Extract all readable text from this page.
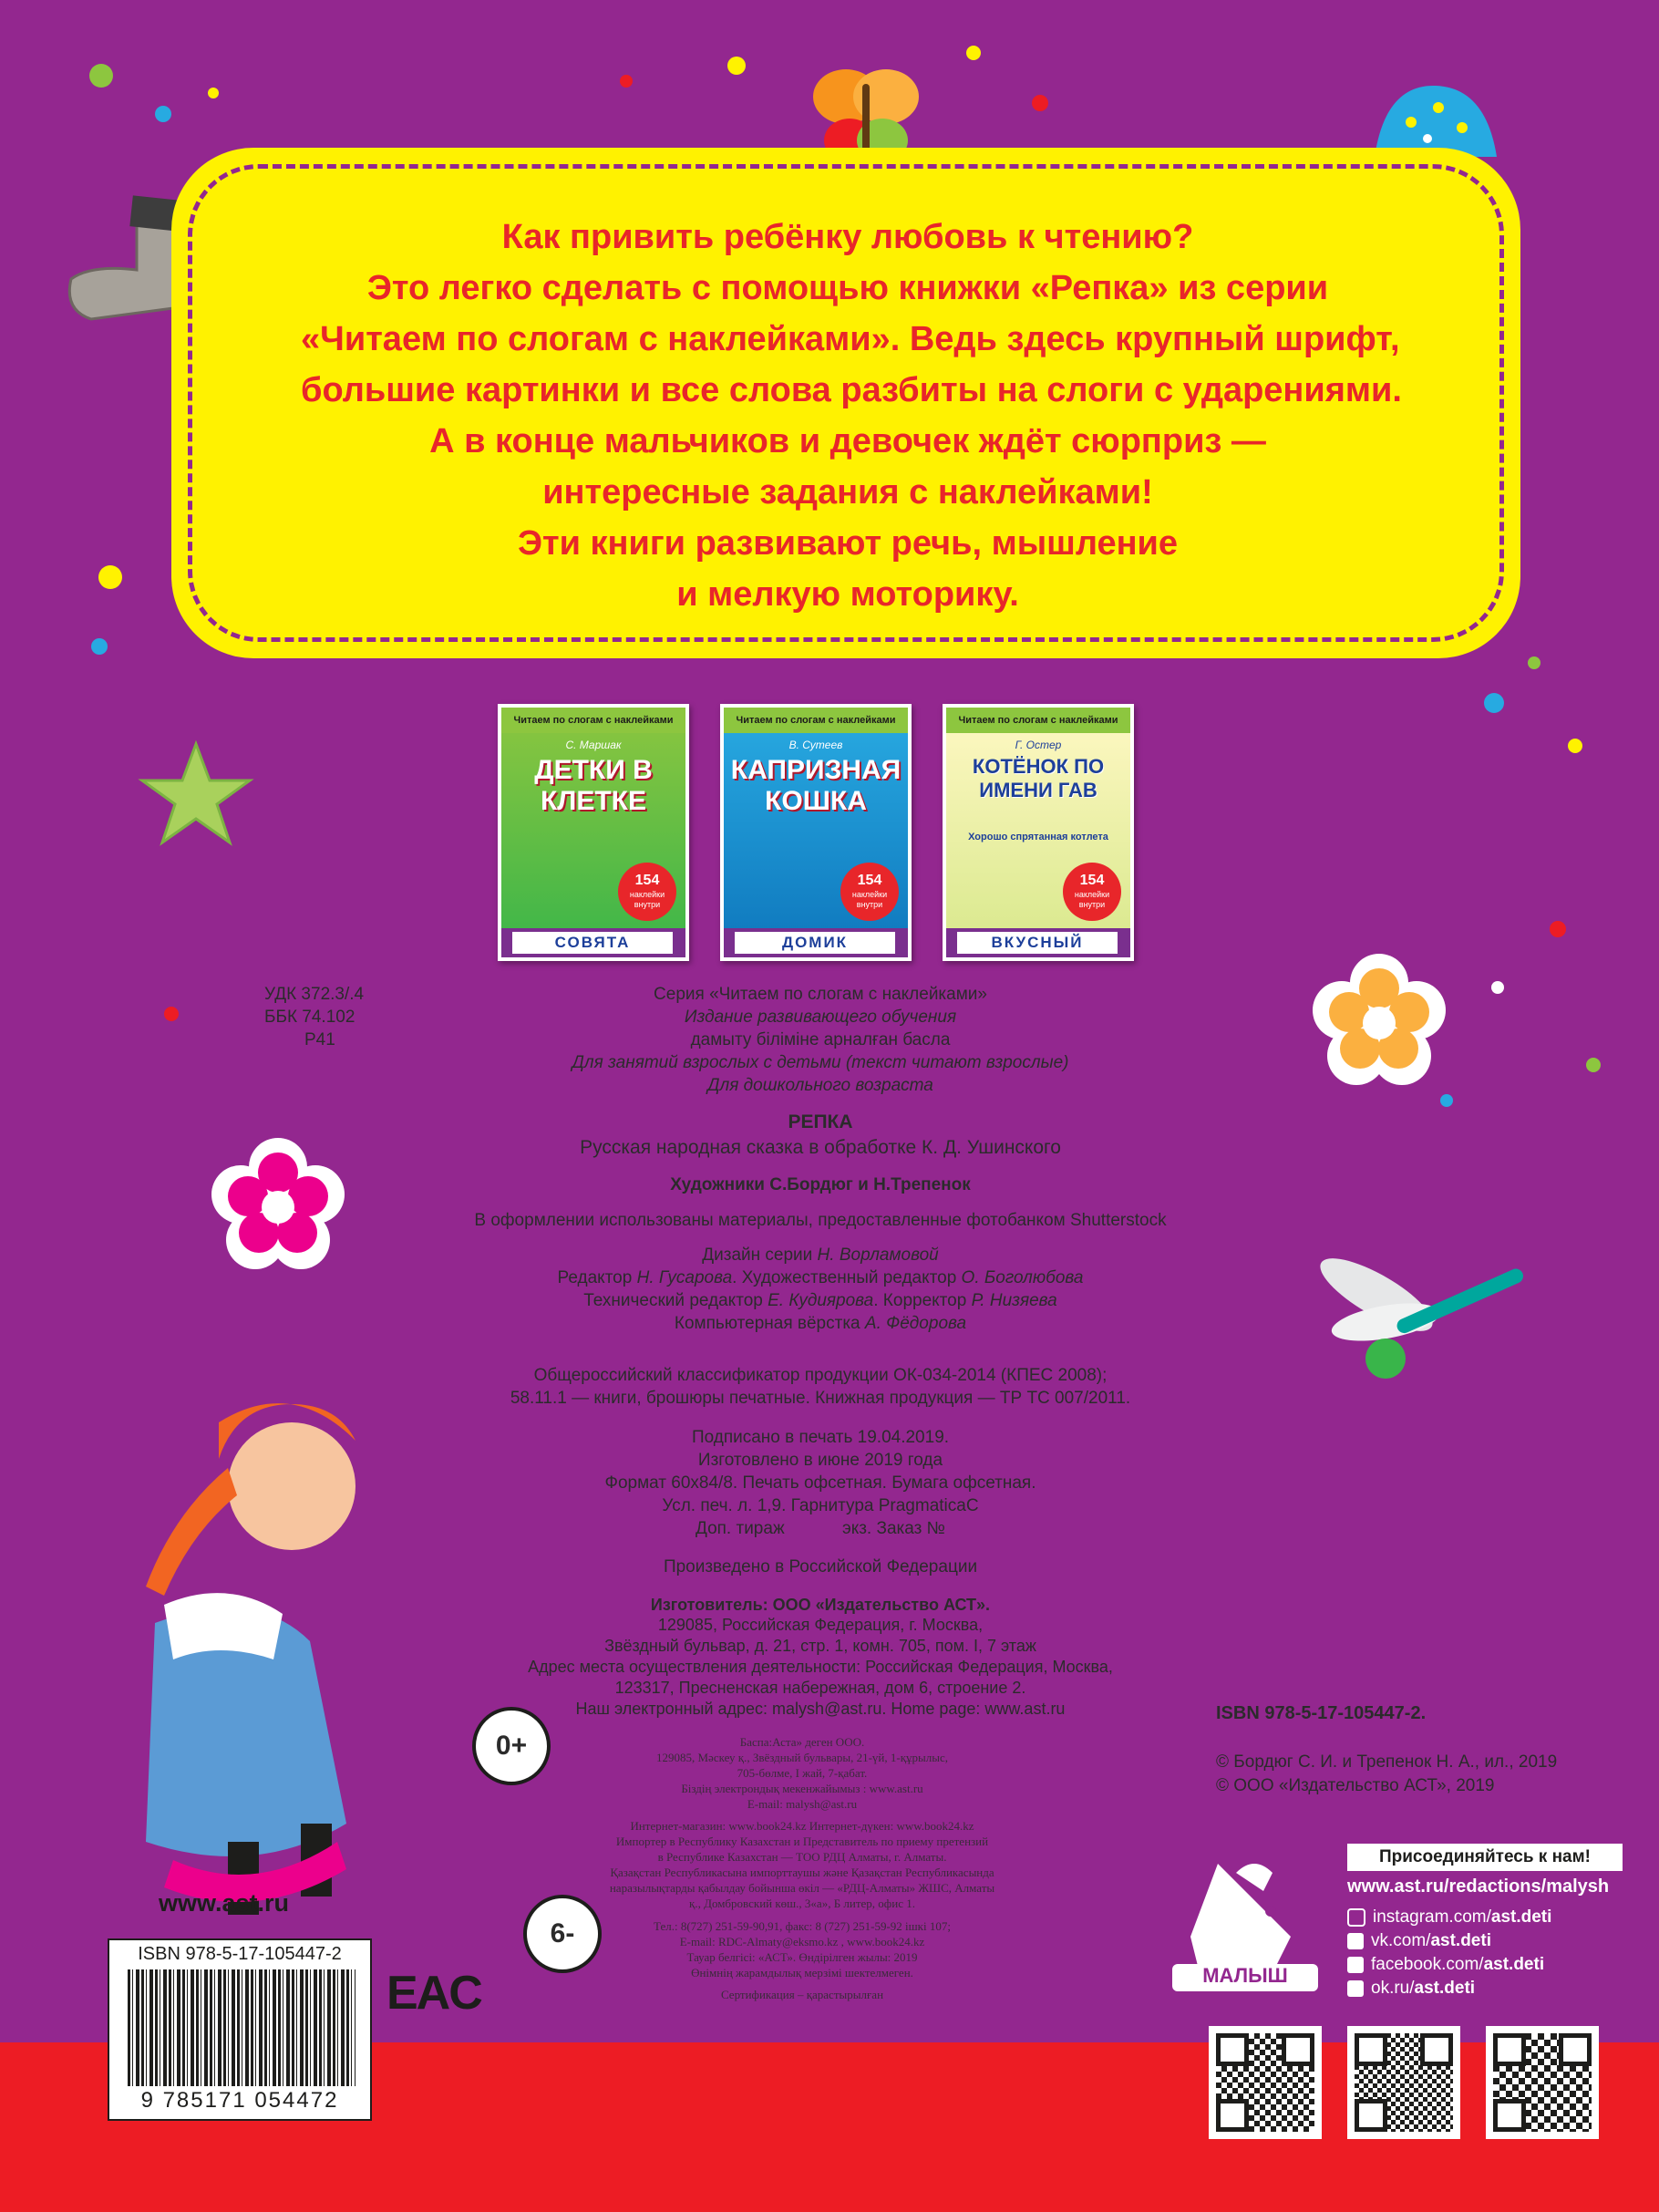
Как привить ребёнку любовь к чтению?
Это легко сделать с помощью книжки «Репка» из серии
«Читаем по слогам с наклейками». Ведь здесь крупный шрифт,
большие картинки и все слова разбиты на слоги с ударениями.
А в конце мальчиков и девочек ждёт сюрприз —
интересные задания с наклейками!
Эти книги развивают речь, мышление
и мелкую моторику.
Читаем по слогам с наклейками
С. Маршак
ДЕТКИ В КЛЕТКЕ
154
наклейки внутри
СОВЯТА
Читаем по слогам с наклейками
В. Сутеев
КАПРИЗНАЯ КОШКА
154
наклейки внутри
ДОМИК
Читаем по слогам с наклейками
Г. Остер
КОТЁНОК ПО ИМЕНИ ГАВ
Хорошо спрятанная котлета
154
наклейки внутри
ВКУСНЫЙ
УДК 372.3/.4
ББК 74.102
Р41
Серия «Читаем по слогам с наклейками»
Издание развивающего обучения
дамыту біліміне арналған басла
Для занятий взрослых с детьми (текст читают взрослые)
Для дошкольного возраста
РЕПКА
Русская народная сказка в обработке К. Д. Ушинского
Художники С.Бордюг и Н.Трепенок
В оформлении использованы материалы, предоставленные фотобанком Shutterstock
Дизайн серии Н. Ворламовой
Редактор Н. Гусарова. Художественный редактор О. Боголюбова
Технический редактор Е. Кудиярова. Корректор Р. Низяева
Компьютерная вёрстка А. Фёдорова
Общероссийский классификатор продукции ОК-034-2014 (КПЕС 2008);
58.11.1 — книги, брошюры печатные. Книжная продукция — ТР ТС 007/2011.
Подписано в печать 19.04.2019.
Изготовлено в июне 2019 года
Формат 60х84/8. Печать офсетная. Бумага офсетная.
Усл. печ. л. 1,9. Гарнитура PragmaticaC
Доп. тираж            экз. Заказ №
Произведено в Российской Федерации
Изготовитель: ООО «Издательство АСТ».
129085, Российская Федерация, г. Москва,
Звёздный бульвар, д. 21, стр. 1, комн. 705, пом. I, 7 этаж
Адрес места осуществления деятельности: Российская Федерация, Москва,
123317, Пресненская набережная, дом 6, строение 2.
Наш электронный адрес: malysh@ast.ru. Home page: www.ast.ru
Баспа:Аста» деген ООО.
129085, Мәскеу қ., Звёздный бульвары, 21-үй, 1-құрылыс,
705-бөлме, I жай, 7-қабат.
Біздің электрондық мекенжайымыз : www.ast.ru
E-mail: malysh@ast.ru
Интернет-магазин: www.book24.kz Интернет-дүкен: www.book24.kz
Импортер в Республику Казахстан и Представитель по приему претензий
в Республике Казахстан — ТОО РДЦ Алматы, г. Алматы.
Қазақстан Республикасына импорттаушы және Қазақстан Республикасында
наразылықтарды қабылдау бойынша өкіл — «РДЦ-Алматы» ЖШС, Алматы
қ., Домбровский көш., 3«а», Б литер, офис 1.
Тел.: 8(727) 251-59-90,91, факс: 8 (727) 251-59-92 ішкі 107;
E-mail: RDC-Almaty@eksmo.kz , www.book24.kz
Тауар белгісі: «АСТ». Өндірілген жылы: 2019
Өнімнің жарамдылық мерзімі шектелмеген.
Сертификация – қарастырылған
0+
6-
www.ast.ru
ISBN 978-5-17-105447-2
9 785171 054472
EAC
ISBN 978-5-17-105447-2.
© Бордюг С. И. и Трепенок Н. А., ил., 2019
© ООО «Издательство АСТ», 2019
МАЛЫШ
Присоединяйтесь к нам!
www.ast.ru/redactions/malysh
instagram.com/ast.deti
vk.com/ast.deti
facebook.com/ast.deti
ok.ru/ast.deti
